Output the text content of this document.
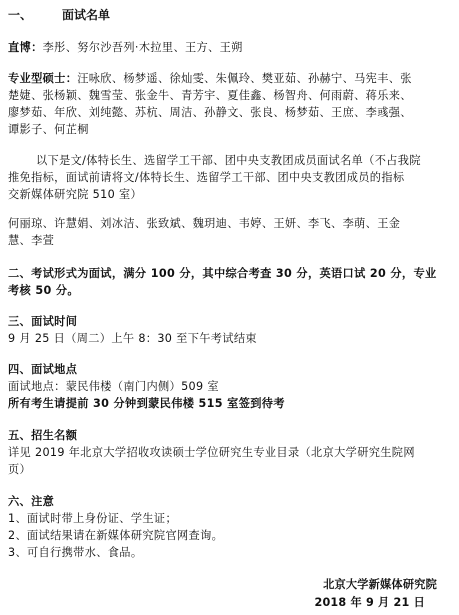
一、	面试名单
直博：李彤、努尔沙吾列·木拉里、王方、王朔
专业型硕士：汪咏欣、杨梦遥、徐灿雯、朱佩玲、樊亚茹、孙赫宁、马宪丰、张
楚婕、张杨颖、魏雪莹、张金牛、青芳宇、夏佳鑫、杨智舟、何雨蔚、蒋乐来、
廖梦茹、年欣、刘纯懿、苏杭、周洁、孙静文、张良、杨梦茹、王庶、李彧强、
谭影子、何芷桐
以下是文/体特长生、选留学工干部、团中央支教团成员面试名单（不占我院
推免指标，面试前请将文/体特长生、选留学工干部、团中央支教团成员的指标
交新媒体研究院 510 室）
何丽琼、许慧娟、刘冰洁、张致斌、魏玥迪、韦婷、王妍、李飞、李萌、王金
慧、李萱
二、考试形式为面试，满分 100 分，其中综合考查 30 分，英语口试 20 分，专业
考核 50 分。
三、面试时间
9 月 25 日（周二）上午 8：30 至下午考试结束
四、面试地点
面试地点：蒙民伟楼（南门内侧）509 室
所有考生请提前 30 分钟到蒙民伟楼 515 室签到待考
五、招生名额
详见 2019 年北京大学招收攻读硕士学位研究生专业目录（北京大学研究生院网
页）
六、注意
1、面试时带上身份证、学生证；
2、面试结果请在新媒体研究院官网查询。
3、可自行携带水、食品。
北京大学新媒体研究院
2018 年 9 月 21 日
